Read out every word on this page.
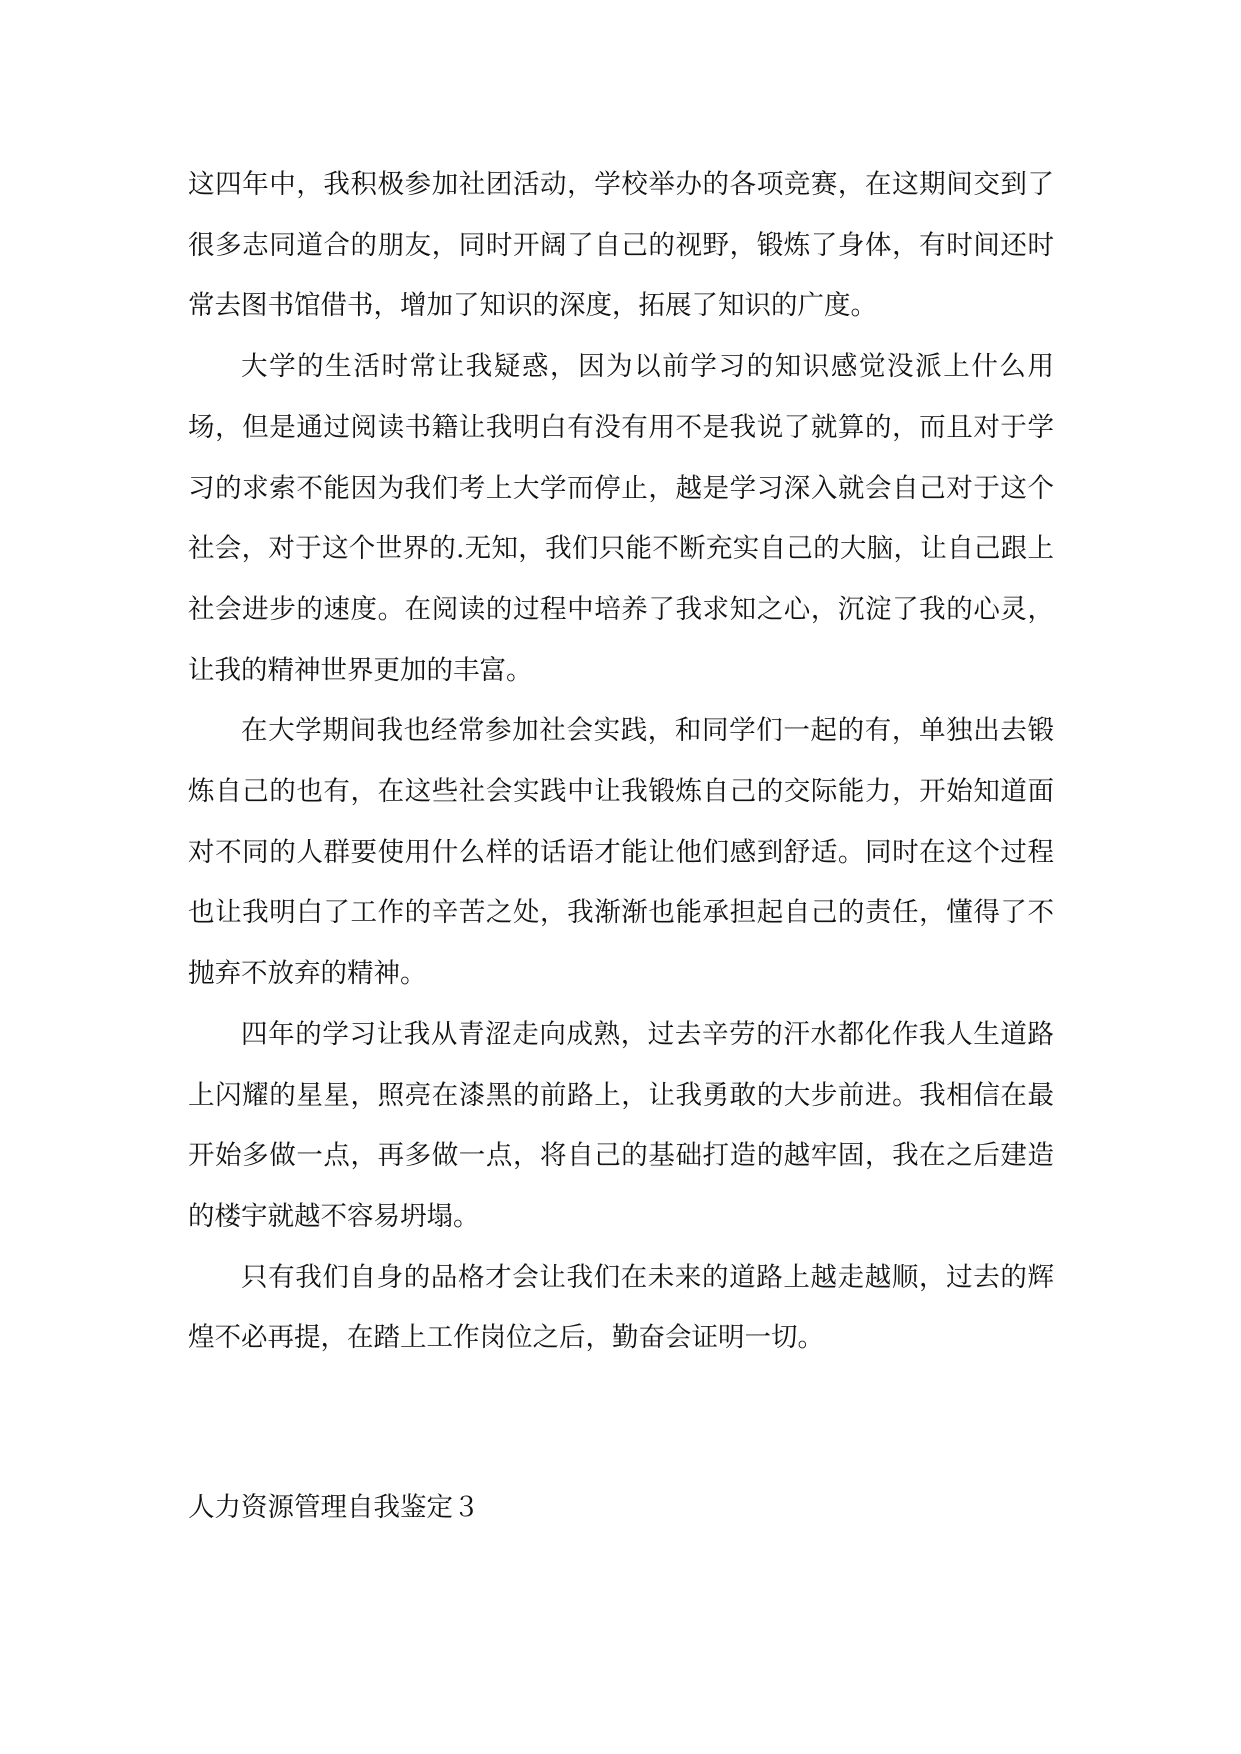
这四年中，我积极参加社团活动，学校举办的各项竞赛，在这期间交到了很多志同道合的朋友，同时开阔了自己的视野，锻炼了身体，有时间还时常去图书馆借书，增加了知识的深度，拓展了知识的广度。

大学的生活时常让我疑惑，因为以前学习的知识感觉没派上什么用场，但是通过阅读书籍让我明白有没有用不是我说了就算的，而且对于学习的求索不能因为我们考上大学而停止，越是学习深入就会自己对于这个社会，对于这个世界的.无知，我们只能不断充实自己的大脑，让自己跟上社会进步的速度。在阅读的过程中培养了我求知之心，沉淀了我的心灵，让我的精神世界更加的丰富。

在大学期间我也经常参加社会实践，和同学们一起的有，单独出去锻炼自己的也有，在这些社会实践中让我锻炼自己的交际能力，开始知道面对不同的人群要使用什么样的话语才能让他们感到舒适。同时在这个过程也让我明白了工作的辛苦之处，我渐渐也能承担起自己的责任，懂得了不抛弃不放弃的精神。

四年的学习让我从青涩走向成熟，过去辛劳的汗水都化作我人生道路上闪耀的星星，照亮在漆黑的前路上，让我勇敢的大步前进。我相信在最开始多做一点，再多做一点，将自己的基础打造的越牢固，我在之后建造的楼宇就越不容易坍塌。

只有我们自身的品格才会让我们在未来的道路上越走越顺，过去的辉煌不必再提，在踏上工作岗位之后，勤奋会证明一切。

人力资源管理自我鉴定３
